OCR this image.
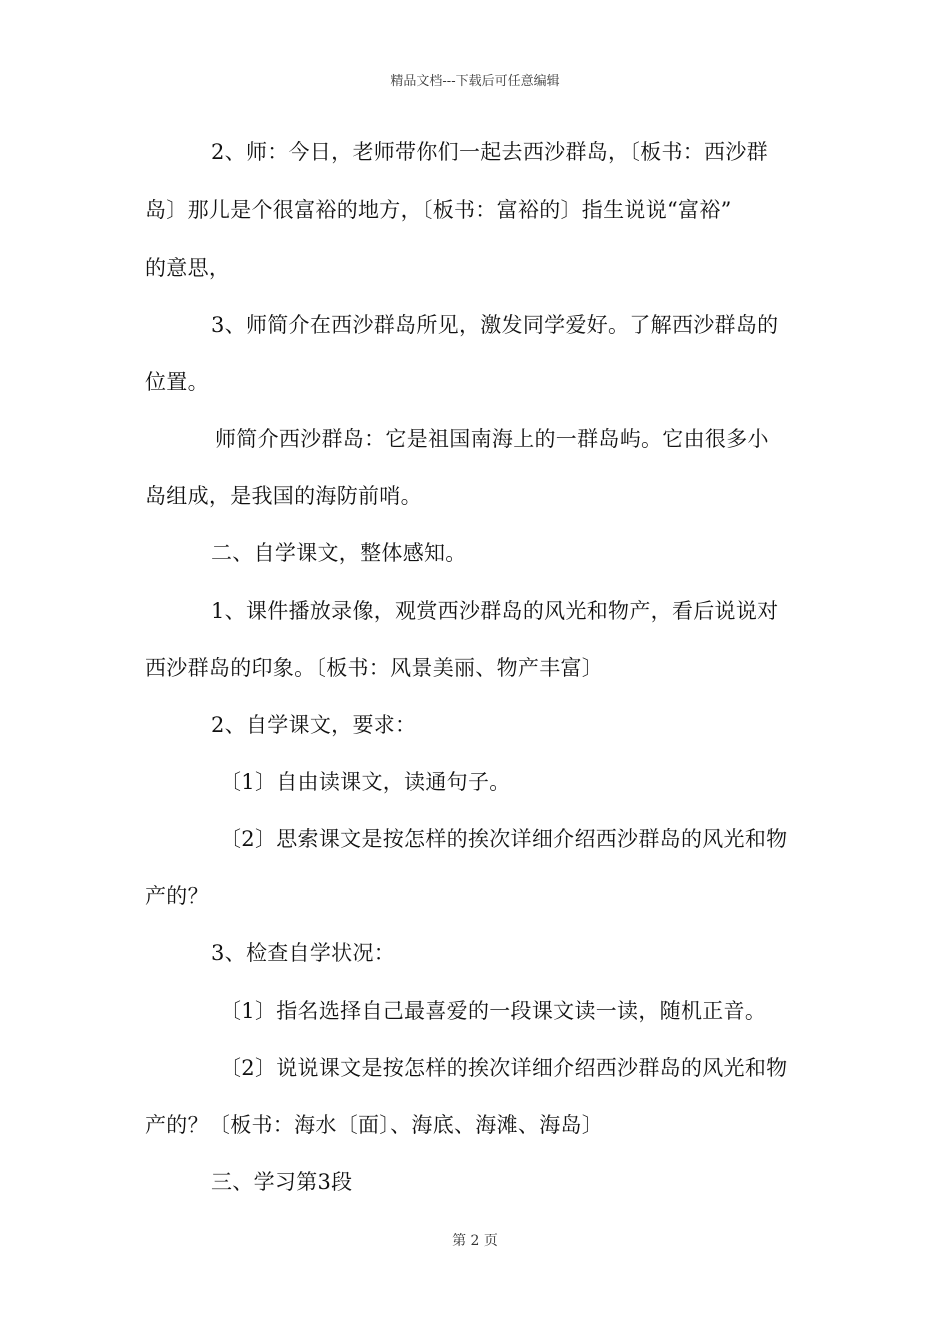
精品文档---下载后可任意编辑
2、师：今日，老师带你们一起去西沙群岛，〔板书：西沙群
岛〕那儿是个很富裕的地方，〔板书：富裕的〕指生说说“富裕”
的意思，
3、师简介在西沙群岛所见，激发同学爱好。了解西沙群岛的
位置。
师简介西沙群岛：它是祖国南海上的一群岛屿。它由很多小
岛组成，是我国的海防前哨。
二、自学课文，整体感知。
1、课件播放录像，观赏西沙群岛的风光和物产，看后说说对
西沙群岛的印象。〔板书：风景美丽、物产丰富〕
2、自学课文，要求：
〔1〕自由读课文，读通句子。
〔2〕思索课文是按怎样的挨次详细介绍西沙群岛的风光和物
产的？
3、检查自学状况：
〔1〕指名选择自己最喜爱的一段课文读一读，随机正音。
〔2〕说说课文是按怎样的挨次详细介绍西沙群岛的风光和物
产的？〔板书：海水〔面〕、海底、海滩、海岛〕
三、学习第3段
第 2 页
